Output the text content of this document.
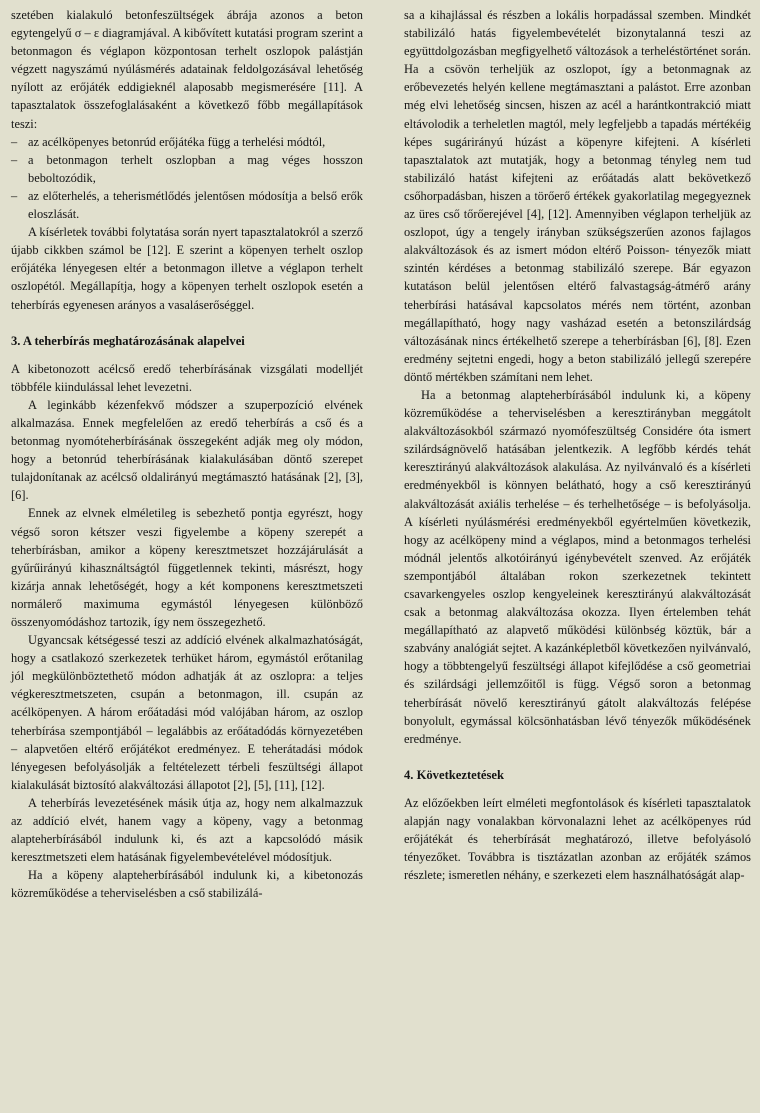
szetében kialakuló betonfeszültségek ábrája azonos a beton egytengelyű σ – ε diagramjával. A kibővített kutatási program szerint a betonmagon és véglapon központosan terhelt oszlopok palástján végzett nagyszámú nyúlásmérés adatainak feldolgozásával lehetőség nyílott az erőjáték eddigieknél alaposabb megismerésére [11]. A tapasztalatok összefoglalásaként a következő főbb megállapítások teszi:

– az acélköpenyes betonrúd erőjátéka függ a terhelési módtól,
– a betonmagon terhelt oszlopban a mag véges hosszon beboltozódik,
– az előterhelés, a teherismétlődés jelentősen módosítja a belső erők eloszlását.

A kísérletek további folytatása során nyert tapasztalatokról a szerző újabb cikkben számol be [12]. E szerint a köpenyen terhelt oszlop erőjátéka lényegesen eltér a betonmagon illetve a véglapon terhelt oszlopétól. Megállapítja, hogy a köpenyen terhelt oszlopok esetén a teherbírás egyenesen arányos a vasaláserőséggel.

3. A teherbírás meghatározásának alapelvei

A kibetonozott acélcső eredő teherbírásának vizsgálati modelljét többféle kiindulással lehet levezetni.

A leginkább kézenfekvő módszer a szuperpozíció elvének alkalmazása. Ennek megfelelően az eredő teherbírás a cső és a betonmag nyomóteherbírásának összegeként adják meg oly módon, hogy a betonrúd teherbírásának kialakulásában döntő szerepet tulajdonítanak az acélcső oldalirányú megtámasztó hatásának [2], [3], [6].

Ennek az elvnek elméletileg is sebezhető pontja egyrészt, hogy végső soron kétszer veszi figyelembe a köpeny szerepét a teherbírásban, amikor a köpeny keresztmetszet hozzájárulását a gyűrűirányú kihasználtságtól függetlennek tekinti, másrészt, hogy kizárja annak lehetőségét, hogy a két komponens keresztmetszeti normálerő maximuma egymástól lényegesen különböző összenyomódáshoz tartozik, így nem összegezhető.

Ugyancsak kétségessé teszi az addíció elvének alkalmazhatóságát, hogy a csatlakozó szerkezetek terhüket három, egymástól erőtanilag jól megkülönböztethető módon adhatják át az oszlopra: a teljes végkeresztmetszeten, csupán a betonmagon, ill. csupán az acélköpenyen. A három erőátadási mód valójában három, az oszlop teherbírása szempontjából – legalábbis az erőátadódás környezetében – alapvetően eltérő erőjátékot eredményez. E teherátadási módok lényegesen befolyásolják a feltételezett térbeli feszültségi állapot kialakulását biztosító alakváltozási állapotot [2], [5], [11], [12].

A teherbírás levezetésének másik útja az, hogy nem alkalmazzuk az addíció elvét, hanem vagy a köpeny, vagy a betonmag alapteherbírásából indulunk ki, és azt a kapcsolódó másik keresztmetszeti elem hatásának figyelembevételével módosítjuk.

Ha a köpeny alapteherbírásából indulunk ki, a kibetonozás közreműködése a teherviselésben a cső stabilizálá-

sa a kihajlással és részben a lokális horpadással szemben. Mindkét stabilizáló hatás figyelembevételét bizonytalanná teszi az együttdolgozásban megfigyelhető változások a terheléstörténet során. Ha a csövön terheljük az oszlopot, így a betonmagnak az erőbevezetés helyén kellene megtámasztani a palástot. Erre azonban még elvi lehetőség sincsen, hiszen az acél a harántkontrakció miatt eltávolodik a terheletlen magtól, mely legfeljebb a tapadás mértékéig képes sugárirányú húzást a köpenyre kifejteni. A kísérleti tapasztalatok azt mutatják, hogy a betonmag tényleg nem tud stabilizáló hatást kifejteni az erőátadás alatt bekövetkező csőhorpadásban, hiszen a törőerő értékek gyakorlatilag megegyeznek az üres cső tőrőerejével [4], [12]. Amennyiben véglapon terheljük az oszlopot, úgy a tengely irányban szükségszerűen azonos fajlagos alakváltozások és az ismert módon eltérő Poisson- tényezők miatt szintén kérdéses a betonmag stabilizáló szerepe. Bár egyazon kutatáson belül jelentősen eltérő falvastagság-átmérő arány teherbírási hatásával kapcsolatos mérés nem történt, azonban megállapítható, hogy nagy vasházad esetén a betonszilárdság változásának nincs értékelhető szerepe a teherbírásban [6], [8]. Ezen eredmény sejtetni engedi, hogy a beton stabilizáló jellegű szerepére döntő mértékben számítani nem lehet.

Ha a betonmag alapteherbírásából indulunk ki, a köpeny közreműködése a teherviselésben a keresztirányban meggátolt alakváltozásokból származó nyomófeszültség Considére óta ismert szilárdságnövelő hatásában jelentkezik. A legfőbb kérdés tehát keresztirányú alakváltozások alakulása. Az nyilvánvaló és a kísérleti eredményekből is könnyen belátható, hogy a cső keresztirányú alakváltozását axiális terhelése – és terhelhetősége – is befolyásolja. A kísérleti nyúlásmérési eredményekből egyértelműen következik, hogy az acélköpeny mind a véglapos, mind a betonmagos terhelési módnál jelentős alkotóirányú igénybevételt szenved. Az erőjáték szempontjából általában rokon szerkezetnek tekintett csavarkengyeles oszlop kengyeleinek keresztirányú alakváltozását csak a betonmag alakváltozása okozza. Ilyen értelemben tehát megállapítható az alapvető működési különbség köztük, bár a szabvány analógiát sejtet. A kazánképletből következően nyilvánvaló, hogy a többtengelyű feszültségi állapot kifejlődése a cső geometriai és szilárdsági jellemzőitől is függ. Végső soron a betonmag teherbírását növelő keresztirányú gátolt alakváltozás felépése bonyolult, egymással kölcsönhatásban lévő tényezők működésének eredménye.

4. Következtetések

Az előzőekben leírt elméleti megfontolások és kísérleti tapasztalatok alapján nagy vonalakban körvonalazni lehet az acélköpenyes rúd erőjátékát és teherbírását meghatározó, illetve befolyásoló tényezőket. Továbbra is tisztázatlan azonban az erőjáték számos részlete; ismeretlen néhány, e szerkezeti elem használhatóságát alap-
